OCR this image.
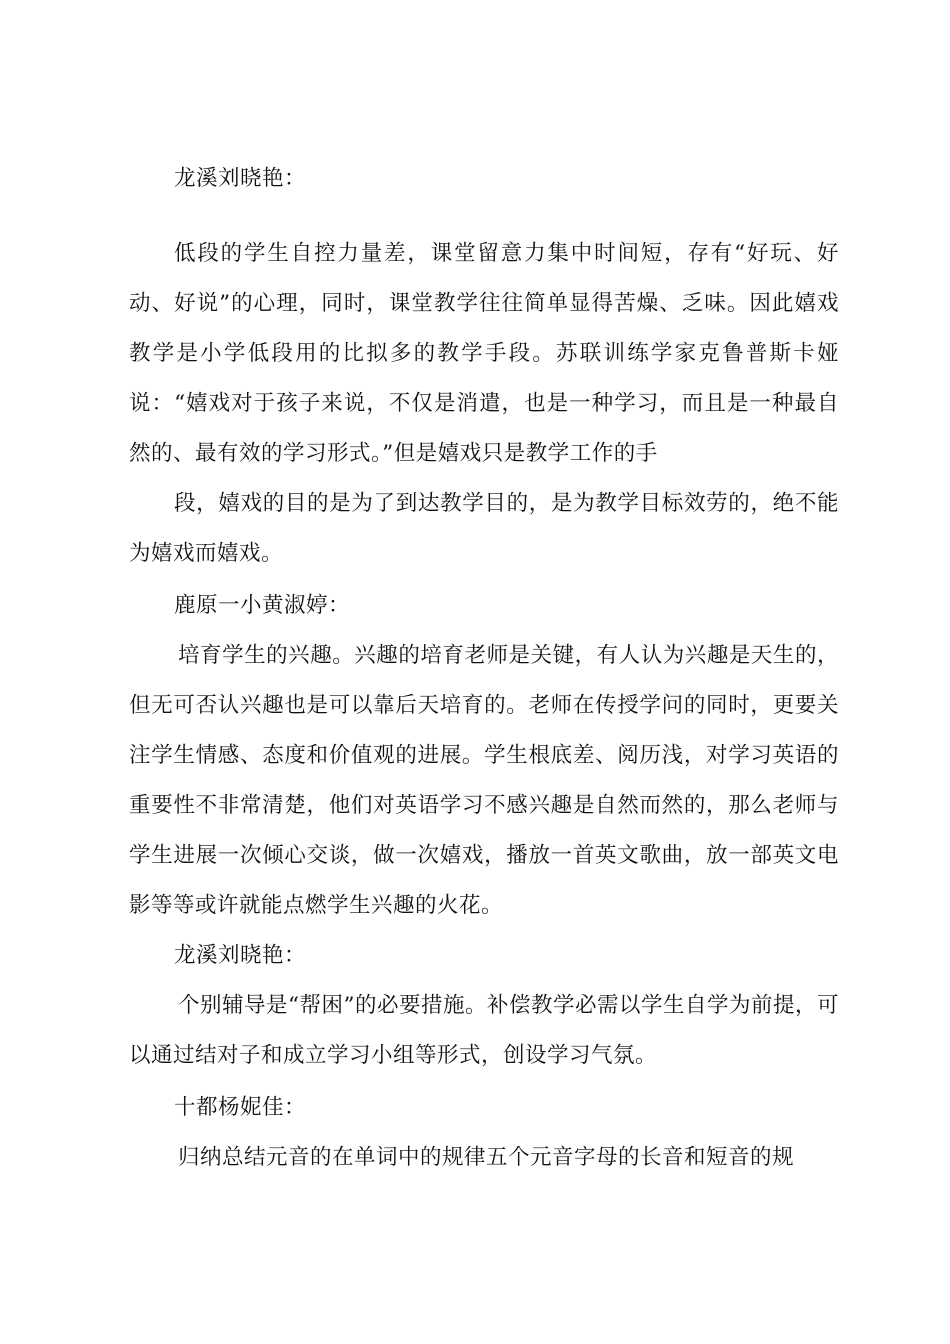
龙溪刘晓艳：
低段的学生自控力量差，课堂留意力集中时间短，存有“好玩、好动、好说”的心理，同时，课堂教学往往简单显得苦燥、乏味。因此嬉戏教学是小学低段用的比拟多的教学手段。苏联训练学家克鲁普斯卡娅说：“嬉戏对于孩子来说，不仅是消遣，也是一种学习，而且是一种最自然的、最有效的学习形式。”但是嬉戏只是教学工作的手
段，嬉戏的目的是为了到达教学目的，是为教学目标效劳的，绝不能为嬉戏而嬉戏。
鹿原一小黄淑婷：
培育学生的兴趣。兴趣的培育老师是关键，有人认为兴趣是天生的，但无可否认兴趣也是可以靠后天培育的。老师在传授学问的同时，更要关注学生情感、态度和价值观的进展。学生根底差、阅历浅，对学习英语的重要性不非常清楚，他们对英语学习不感兴趣是自然而然的，那么老师与学生进展一次倾心交谈，做一次嬉戏，播放一首英文歌曲，放一部英文电影等等或许就能点燃学生兴趣的火花。
龙溪刘晓艳：
个别辅导是“帮困”的必要措施。补偿教学必需以学生自学为前提，可以通过结对子和成立学习小组等形式，创设学习气氛。
十都杨妮佳：
归纳总结元音的在单词中的规律五个元音字母的长音和短音的规
